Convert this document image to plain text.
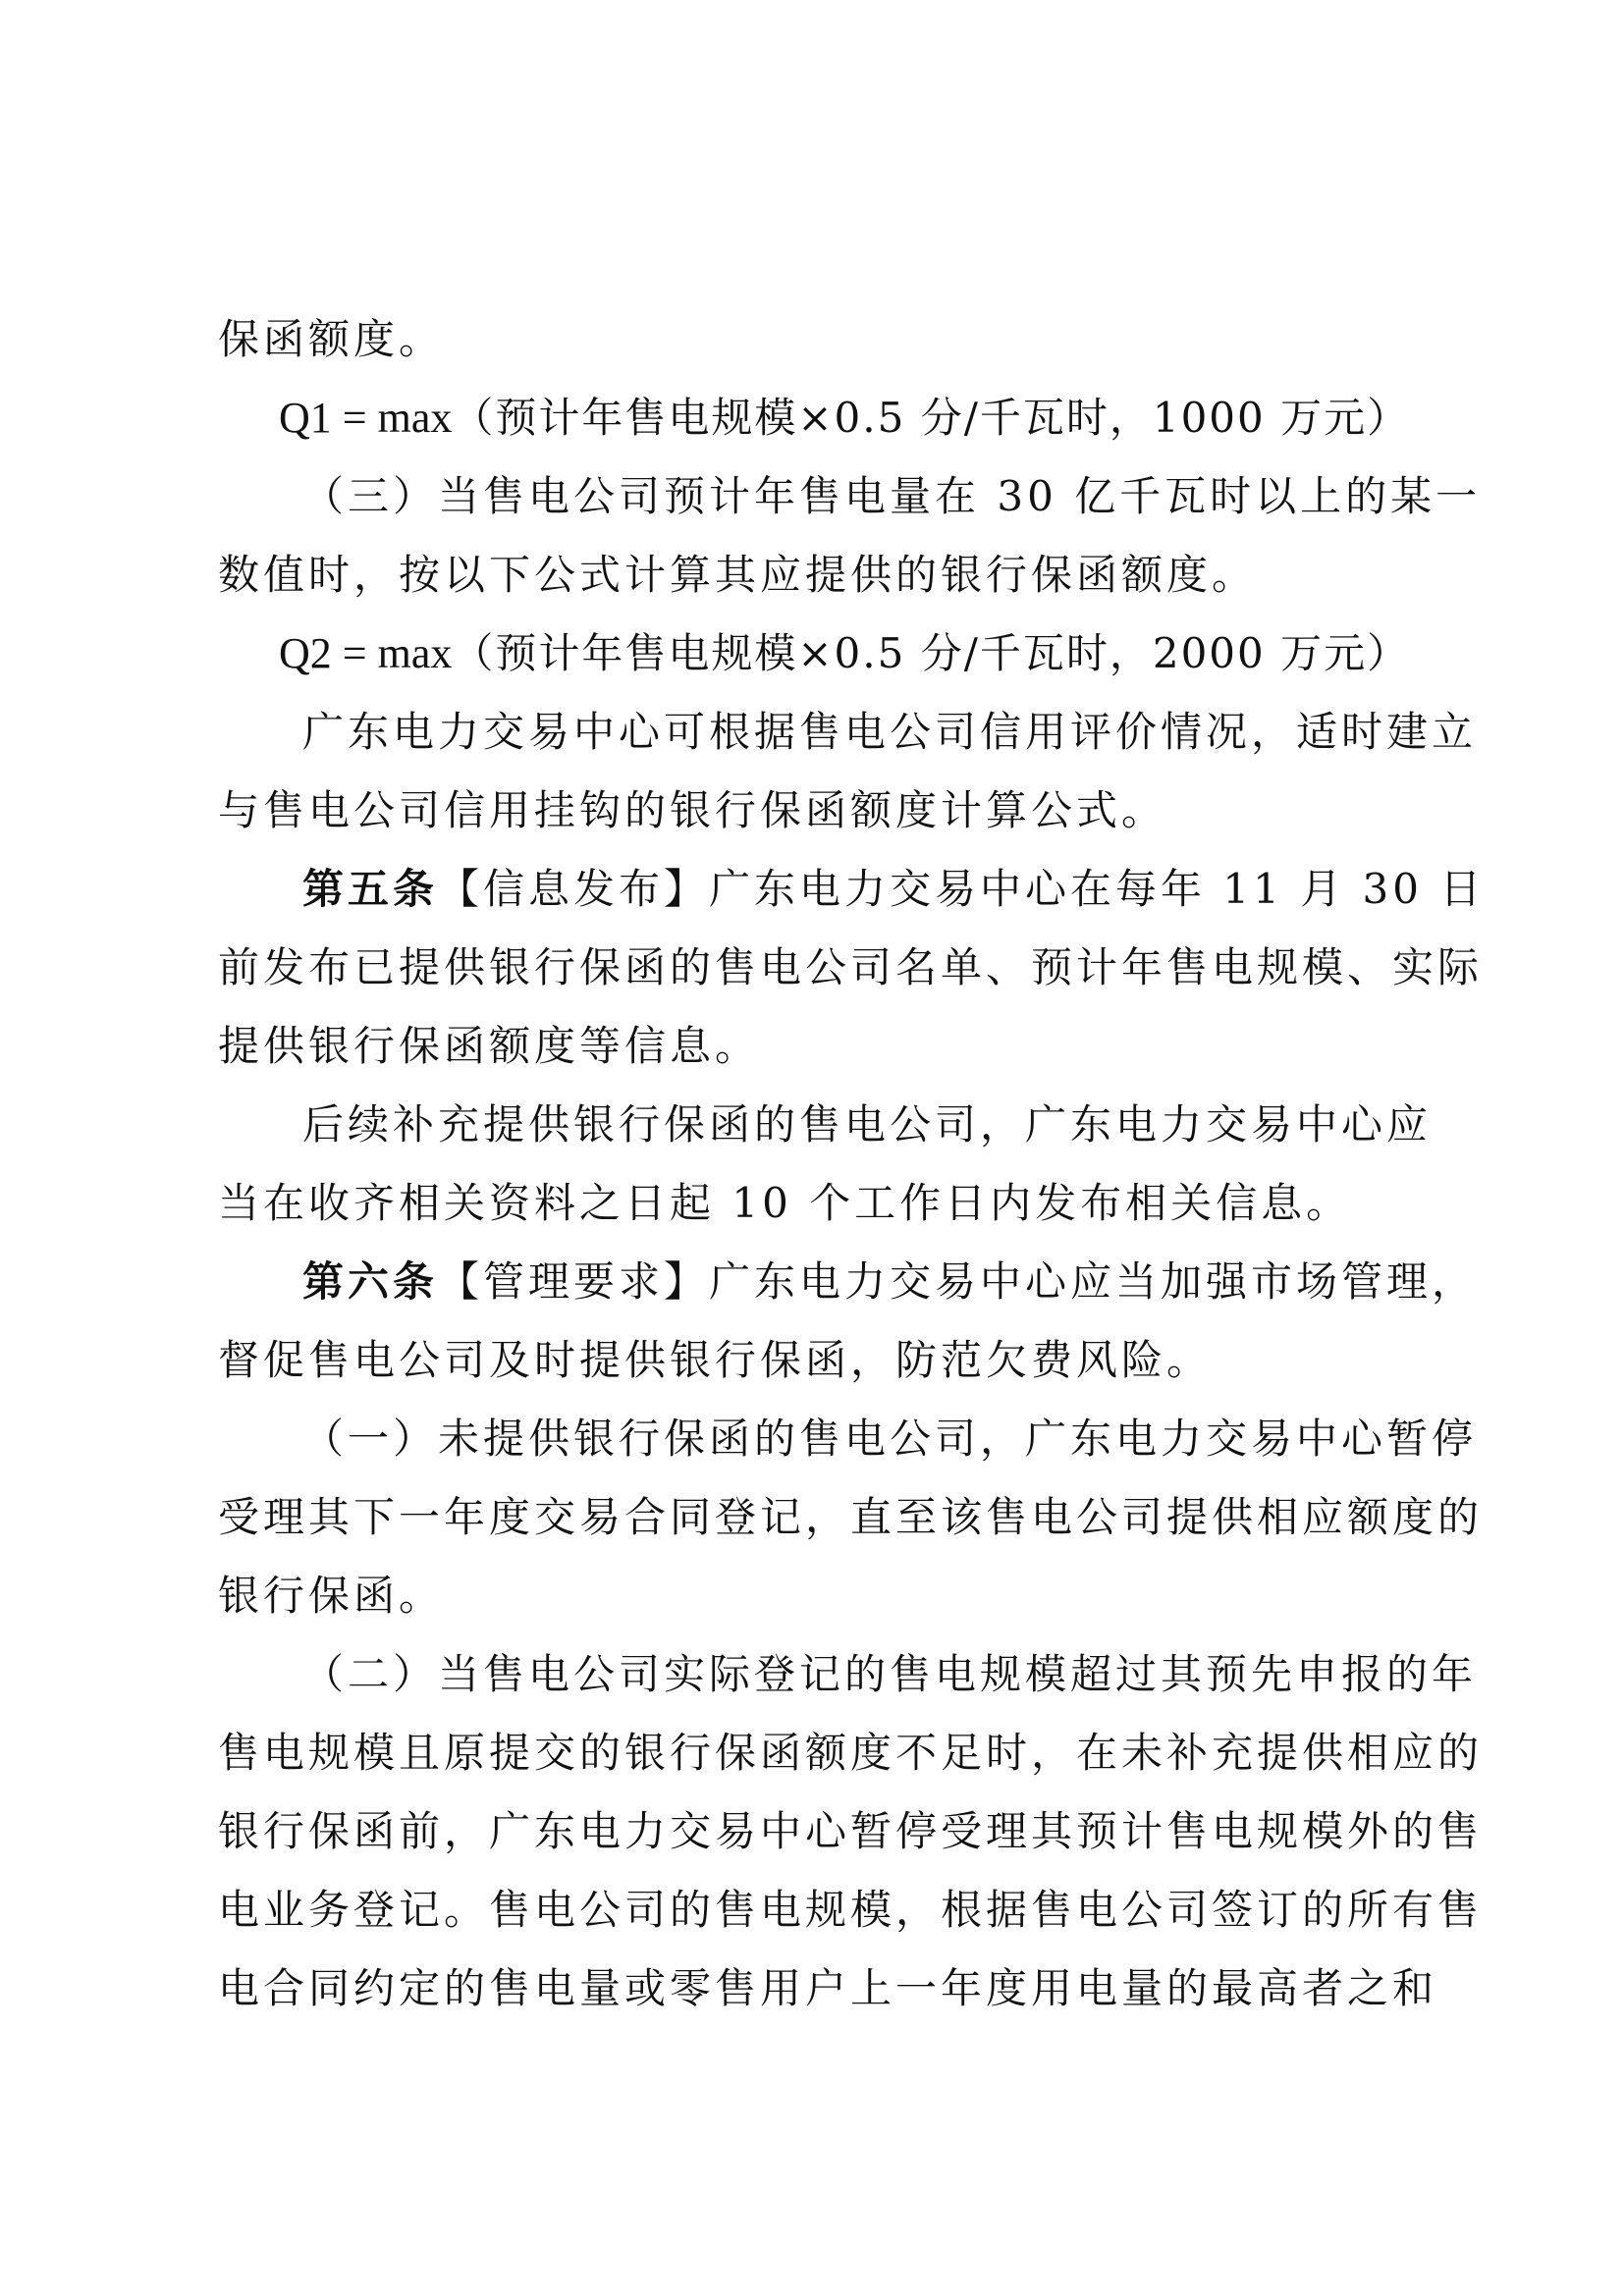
保函额度。
Q1 = max（预计年售电规模×0.5 分/千瓦时，1000 万元）
（三）当售电公司预计年售电量在 30 亿千瓦时以上的某一
数值时，按以下公式计算其应提供的银行保函额度。
Q2 = max（预计年售电规模×0.5 分/千瓦时，2000 万元）
广东电力交易中心可根据售电公司信用评价情况，适时建立
与售电公司信用挂钩的银行保函额度计算公式。
第五条【信息发布】广东电力交易中心在每年 11 月 30 日
前发布已提供银行保函的售电公司名单、预计年售电规模、实际
提供银行保函额度等信息。
后续补充提供银行保函的售电公司，广东电力交易中心应
当在收齐相关资料之日起 10 个工作日内发布相关信息。
第六条【管理要求】广东电力交易中心应当加强市场管理，
督促售电公司及时提供银行保函，防范欠费风险。
（一）未提供银行保函的售电公司，广东电力交易中心暂停
受理其下一年度交易合同登记，直至该售电公司提供相应额度的
银行保函。
（二）当售电公司实际登记的售电规模超过其预先申报的年
售电规模且原提交的银行保函额度不足时，在未补充提供相应的
银行保函前，广东电力交易中心暂停受理其预计售电规模外的售
电业务登记。售电公司的售电规模，根据售电公司签订的所有售
电合同约定的售电量或零售用户上一年度用电量的最高者之和
